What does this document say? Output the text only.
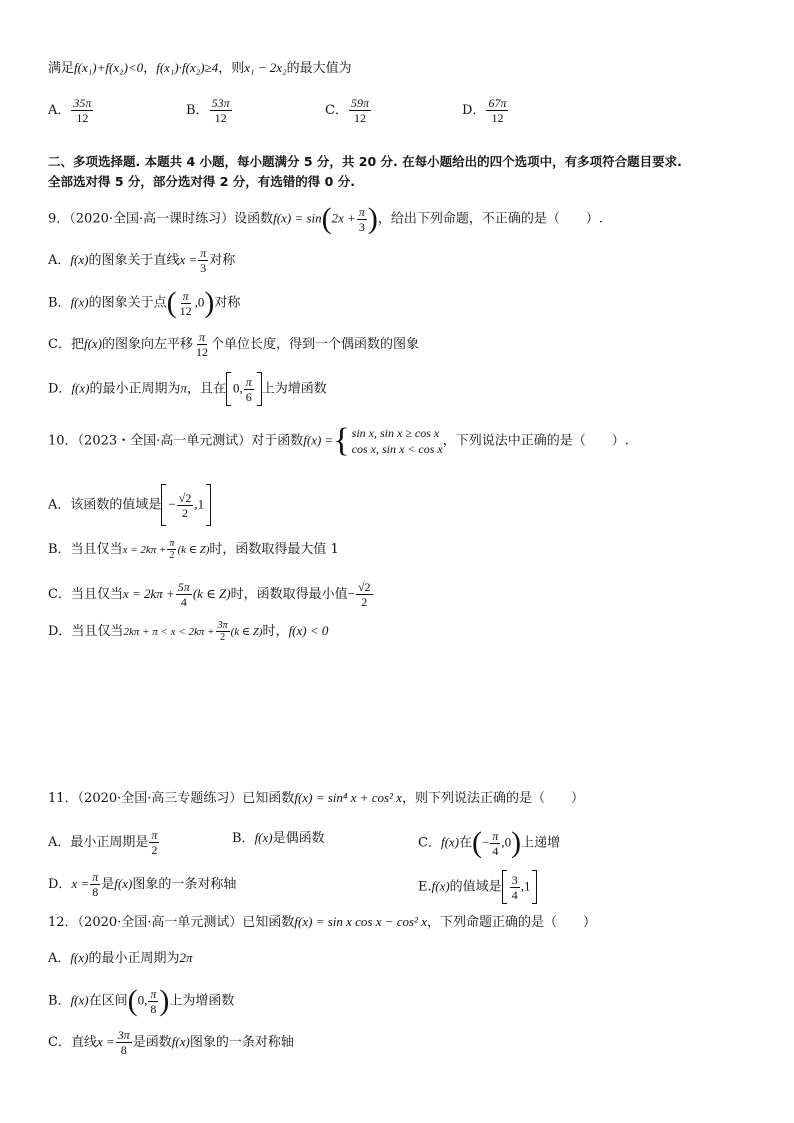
满足f(x₁)+f(x₂)<0，f(x₁)·f(x₂)≥4，则x₁ − 2x₂的最大值为
A． $\frac{35\pi}{12}$	B． $\frac{53\pi}{12}$	C． $\frac{59\pi}{12}$	D． $\frac{67\pi}{12}$
二、多项选择题. 本题共 4 小题，每小题满分 5 分，共 20 分. 在每小题给出的四个选项中，有多项符合题目要求.
全部选对得 5 分，部分选对得 2 分，有选错的得 0 分.
9．（2020·全国·高一课时练习）设函数$f(x) = \sin(2x + \frac{\pi}{3}$ )，给出下列命题，不正确的是（　　）.
A．f(x)的图象关于直线$x = \frac{\pi}{3}$ 对称
B．f(x)的图象关于点( $\frac{\pi}{12} ,0$)对称
C．把f(x)的图象向左平移 $\frac{\pi}{12}$ 个单位长度，得到一个偶函数的图象
D．f(x)的最小正周期为π，且在 0, $\frac{\pi}{6}$ 上为增函数
10．（2023・全国·高一单元测试）对于函数f(x) = { sin x, sin x ≥ cos x
cos x, sin x < cos x
，下列说法中正确的是（　　）.
A．该函数的值域是 − $\frac{√2}{2} ,1$
B．当且仅当$x = 2k\pi + \frac{\pi}{2} (k$ ∈ Z)时，函数取得最大值 1
C．当且仅当$x = 2k\pi + \frac{5\pi}{4} (k$ ∈ Z)时，函数取得最小值− $\frac{√2}{2}$
D．当且仅当$2k\pi + \pi < x < 2k\pi + \frac{3\pi}{2} (k$ ∈ Z)时，f(x) < 0
11．（2020·全国·高三专题练习）已知函数f(x) = sin⁴ x + cos² x，则下列说法正确的是（　　）
A．最小正周期是 $\frac{\pi}{2}$	B．f(x)是偶函数	C．f(x)在(− $\frac{\pi}{4} ,0$)上递增
D．$x = \frac{\pi}{8}$ 是f(x)图象的一条对称轴	E.f(x)的值域是 $\frac{3}{4} ,1$
12．（2020·全国·高一单元测试）已知函数f(x) = sin x cos x − cos² x，下列命题正确的是（　　）
A．f(x)的最小正周期为2π
B．f(x)在区间(0, $\frac{\pi}{8}$ )上为增函数
C．直线$x = \frac{3\pi}{8}$ 是函数f(x)图象的一条对称轴
